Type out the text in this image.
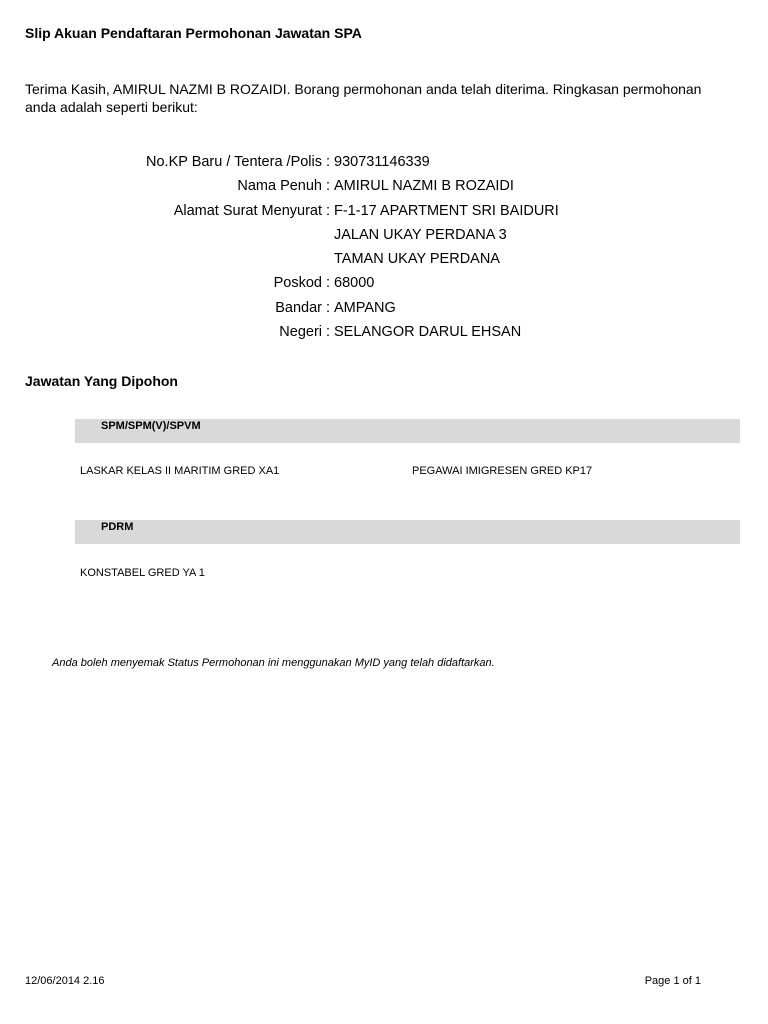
Slip Akuan Pendaftaran Permohonan Jawatan SPA
Terima Kasih, AMIRUL NAZMI B ROZAIDI. Borang permohonan anda telah diterima. Ringkasan permohonan anda adalah seperti berikut:
No.KP Baru / Tentera /Polis : 930731146339
Nama Penuh : AMIRUL NAZMI B ROZAIDI
Alamat Surat Menyurat : F-1-17 APARTMENT SRI BAIDURI
JALAN UKAY PERDANA 3
TAMAN UKAY PERDANA
Poskod : 68000
Bandar : AMPANG
Negeri : SELANGOR DARUL EHSAN
Jawatan Yang Dipohon
SPM/SPM(V)/SPVM
LASKAR KELAS II MARITIM GRED XA1	PEGAWAI IMIGRESEN GRED KP17
PDRM
KONSTABEL GRED YA 1
Anda boleh menyemak Status Permohonan ini menggunakan MyID yang telah didaftarkan.
12/06/2014 2.16	Page 1 of 1
